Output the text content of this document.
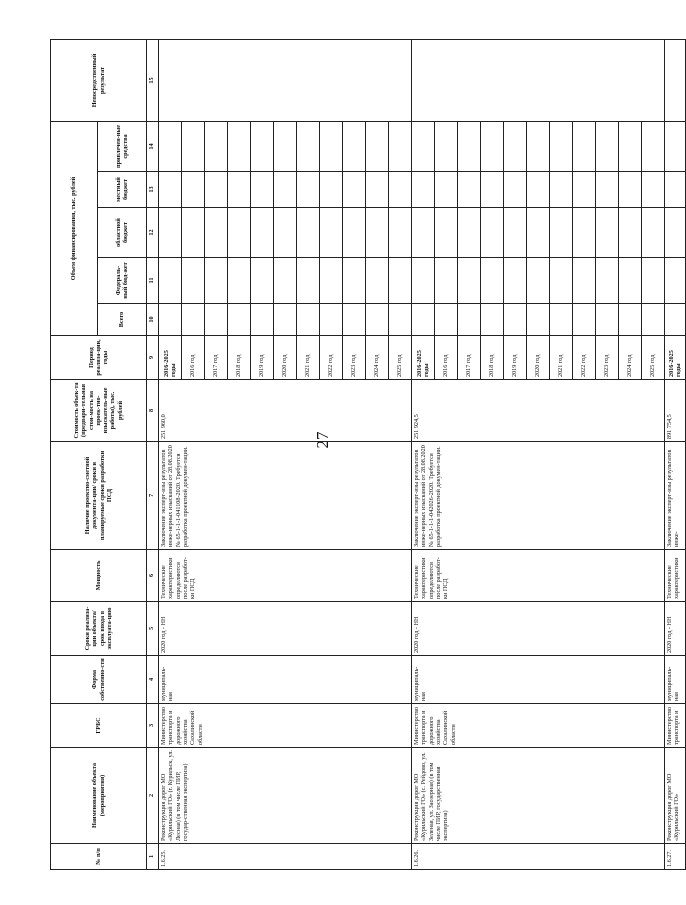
27
№ п/п	Наименование объекта (мероприятия)	ГРБС	Форма собственно-сти	Сроки реализа-ции объекта/ срок ввода в эксплуата-цию	Мощность	Наличие проектно-сметной документа-ции/ сроки и планируемые сроки разработки ПСД	Стоимость объек-та (предвари-тельная стои-мость на проек-тно-изыскатель-ные работы), тыс. рублей	Период реализа-ции, годы	Объем финансирования, тыс. рублей					Непосредственный результат
									Всего	Федераль-ный бюд-жет	областной бюджет	местный бюджет	привлечен-ные средства	
1	2	3	4	5	6	7	8	9	10	11	12	13	14	15
1.6.25.	Реконструкция дорог МО «Курильский ГО» (г. Курильск, ул. Лесная) (в том числе ПИР, государ-ственная экспертиза)	Министерство транспорта и дорожного хозяйства Сахалинской области	муниципаль-ная	2020 год - НН	Технические характеристики определяются после разработ-ки ПСД	Заключение эксперт-изы результатов инже-нерных изысканий от 28.08.2020 № 65-1-1-1-041108-2020. Требуется разработка проектной докумен-тации.	251 960,0	2016-2025 годы						
								2016 год						
								2017 год						
								2018 год						
								2019 год						
								2020 год						
								2021 год						
								2022 год						
								2023 год						
								2024 год						
								2025 год						
1.6.26.	Реконструкция дорог МО «Курильский ГО» (с. Рейдово, ул. Зеленая, ул. Заозерная) (в том числе ПИР, государственная экспертиза)	Министерство транспорта и дорожного хозяйства Сахалинской области	муниципаль-ная	2020 год - НН	Технические характеристики определяются после разработ-ки ПСД	Заключение эксперт-изы результатов инже-нерных изысканий от 28.08.2020 № 65-1-1-1-042026-2020. Требуется разработка проектной докумен-тации.	251 924,5	2016-2025 годы						
								2016 год						
								2017 год						
								2018 год						
								2019 год						
								2020 год						
								2021 год						
								2022 год						
								2023 год						
								2024 год						
								2025 год						
1.6.27.	Реконструкция дорог МО «Курильский ГО»	Министерство транспорта и	муниципаль-ная	2020 год - НН	Технические характеристики	Заключение эксперт-изы результатов инже-	891 754,5	2016-2025 годы						
